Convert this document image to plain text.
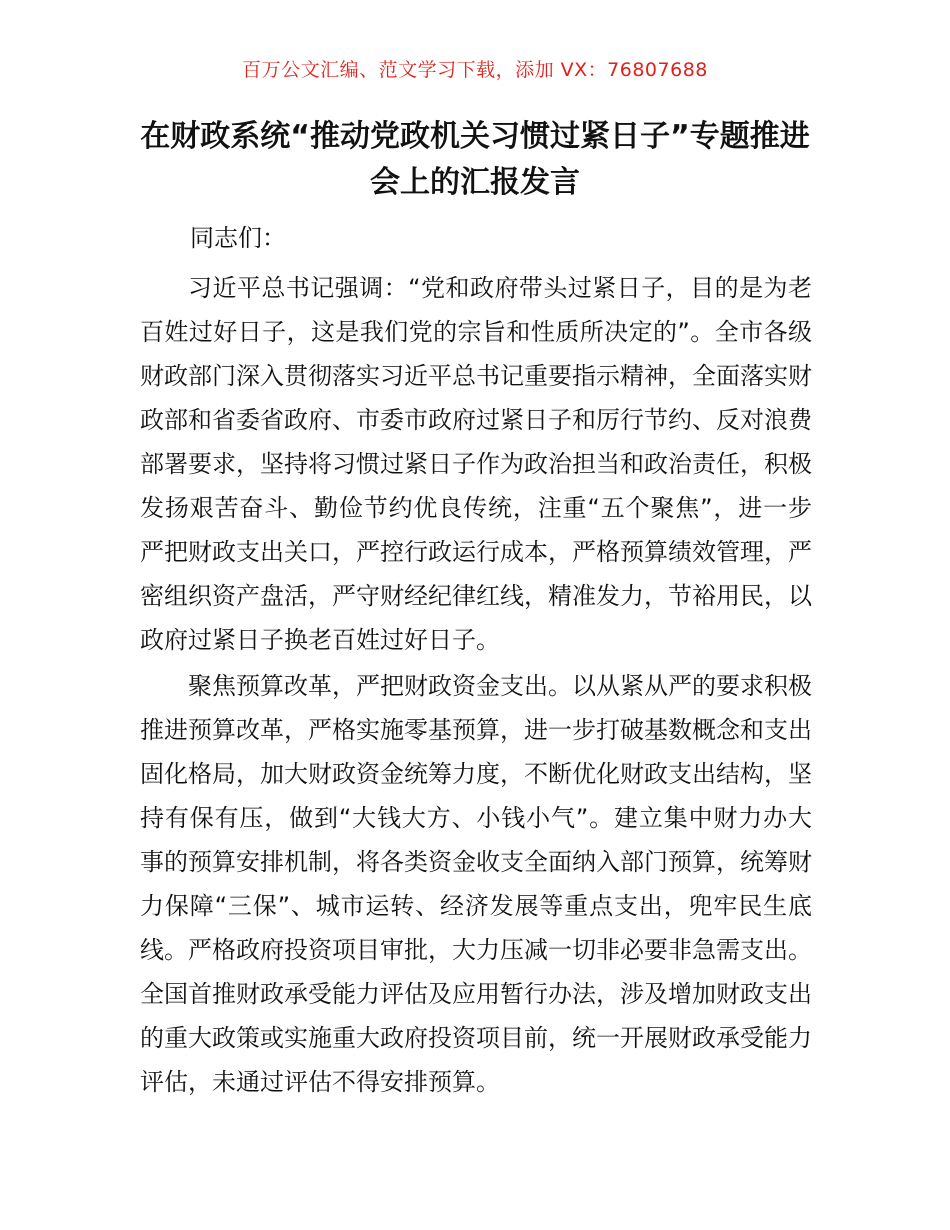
百万公文汇编、范文学习下载，添加 VX：76807688
在财政系统“推动党政机关习惯过紧日子”专题推进会上的汇报发言
同志们：

习近平总书记强调：“党和政府带头过紧日子，目的是为老百姓过好日子，这是我们党的宗旨和性质所决定的”。全市各级财政部门深入贯彻落实习近平总书记重要指示精神，全面落实财政部和省委省政府、市委市政府过紧日子和厉行节约、反对浪费部署要求，坚持将习惯过紧日子作为政治担当和政治责任，积极发扬艰苦奋斗、勤俭节约优良传统，注重“五个聚焦”，进一步严把财政支出关口，严控行政运行成本，严格预算绩效管理，严密组织资产盘活，严守财经纪律红线，精准发力，节裕用民，以政府过紧日子换老百姓过好日子。

聚焦预算改革，严把财政资金支出。以从紧从严的要求积极推进预算改革，严格实施零基预算，进一步打破基数概念和支出固化格局，加大财政资金统筹力度，不断优化财政支出结构，坚持有保有压，做到“大钱大方、小钱小气”。建立集中财力办大事的预算安排机制，将各类资金收支全面纳入部门预算，统筹财力保障“三保”、城市运转、经济发展等重点支出，兜牢民生底线。严格政府投资项目审批，大力压减一切非必要非急需支出。全国首推财政承受能力评估及应用暂行办法，涉及增加财政支出的重大政策或实施重大政府投资项目前，统一开展财政承受能力评估，未通过评估不得安排预算。
